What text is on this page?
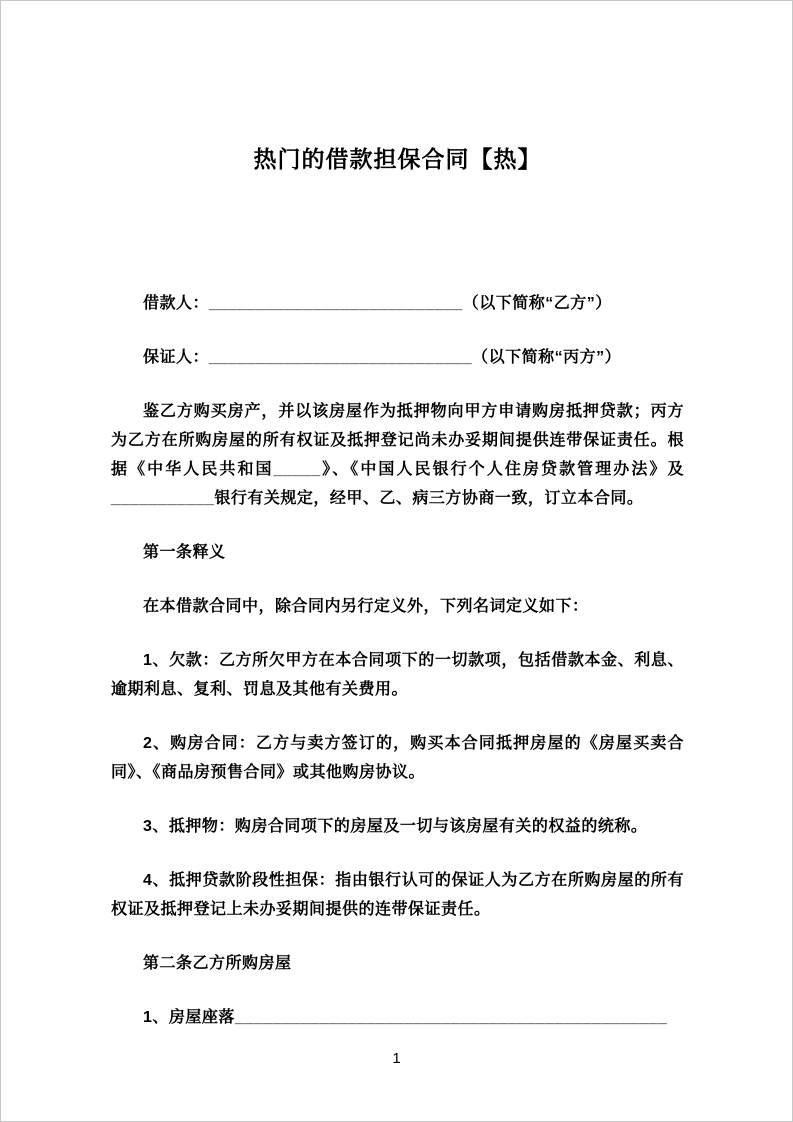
热门的借款担保合同【热】

借款人：___________________________（以下简称“乙方”）

保证人：____________________________（以下简称“丙方”）

鉴乙方购买房产，并以该房屋作为抵押物向甲方申请购房抵押贷款；丙方为乙方在所购房屋的所有权证及抵押登记尚未办妥期间提供连带保证责任。根据《中华人民共和国_____》、《中国人民银行个人住房贷款管理办法》及___________银行有关规定，经甲、乙、病三方协商一致，订立本合同。

第一条释义

在本借款合同中，除合同内另行定义外，下列名词定义如下：

1、欠款：乙方所欠甲方在本合同项下的一切款项，包括借款本金、利息、逾期利息、复利、罚息及其他有关费用。

2、购房合同：乙方与卖方签订的，购买本合同抵押房屋的《房屋买卖合同》、《商品房预售合同》或其他购房协议。

3、抵押物：购房合同项下的房屋及一切与该房屋有关的权益的统称。

4、抵押贷款阶段性担保：指由银行认可的保证人为乙方在所购房屋的所有权证及抵押登记上未办妥期间提供的连带保证责任。

第二条乙方所购房屋

1、房屋座落______________________________________________

1
